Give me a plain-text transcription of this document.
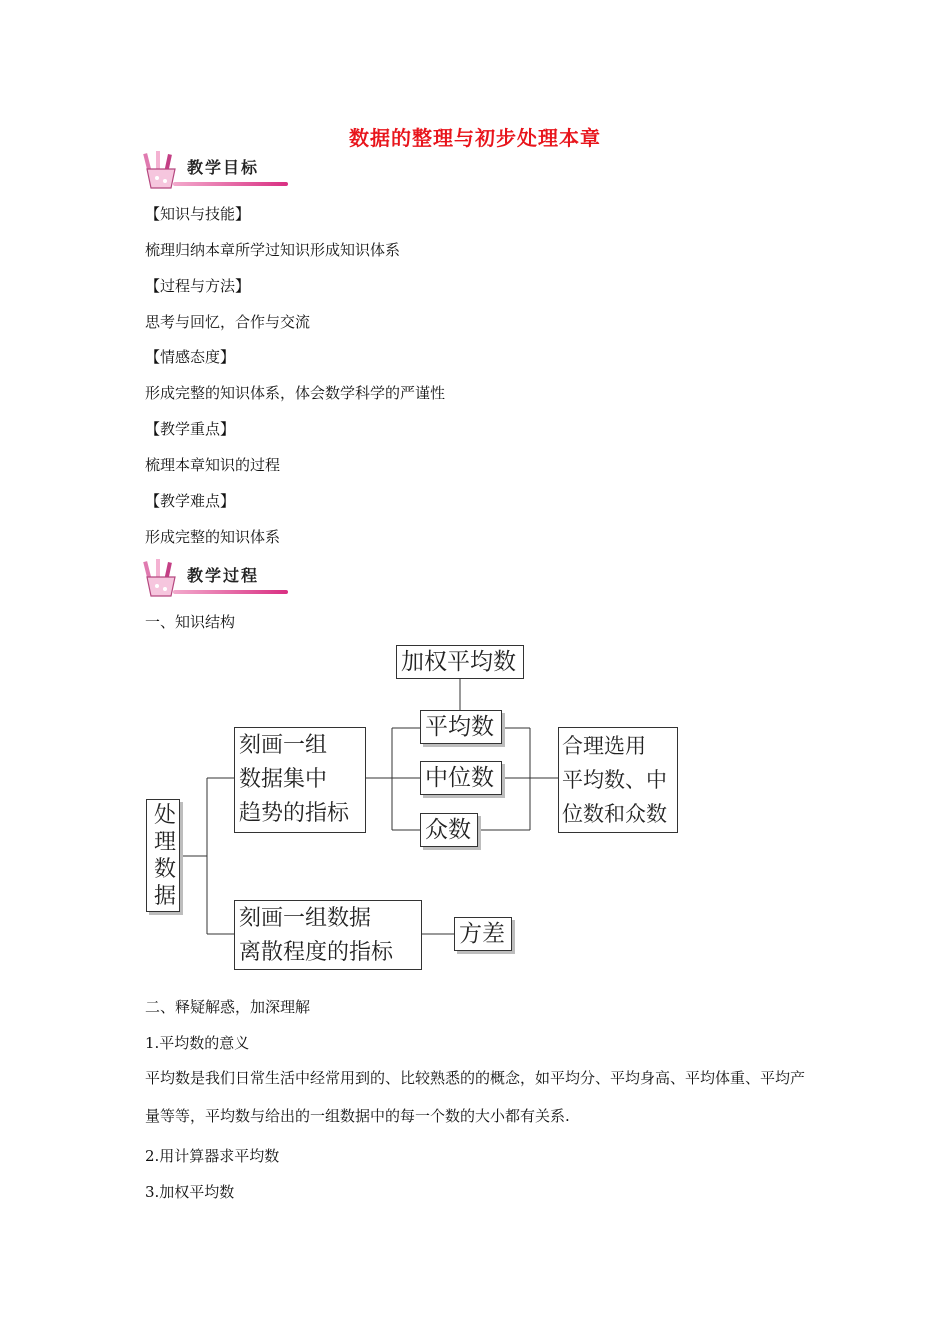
数据的整理与初步处理本章
教学目标
【知识与技能】
梳理归纳本章所学过知识形成知识体系
【过程与方法】
思考与回忆，合作与交流
【情感态度】
形成完整的知识体系，体会数学科学的严谨性
【教学重点】
梳理本章知识的过程
【教学难点】
形成完整的知识体系
教学过程
一、知识结构
处
理
数
据
刻画一组
数据集中
趋势的指标
加权平均数
平均数
中位数
众数
合理选用
平均数、中
位数和众数
刻画一组数据
离散程度的指标
方差
二、释疑解惑，加深理解
1.平均数的意义
平均数是我们日常生活中经常用到的、比较熟悉的的概念，如平均分、平均身高、平均体重、平均产量等等，平均数与给出的一组数据中的每一个数的大小都有关系.
2.用计算器求平均数
3.加权平均数
